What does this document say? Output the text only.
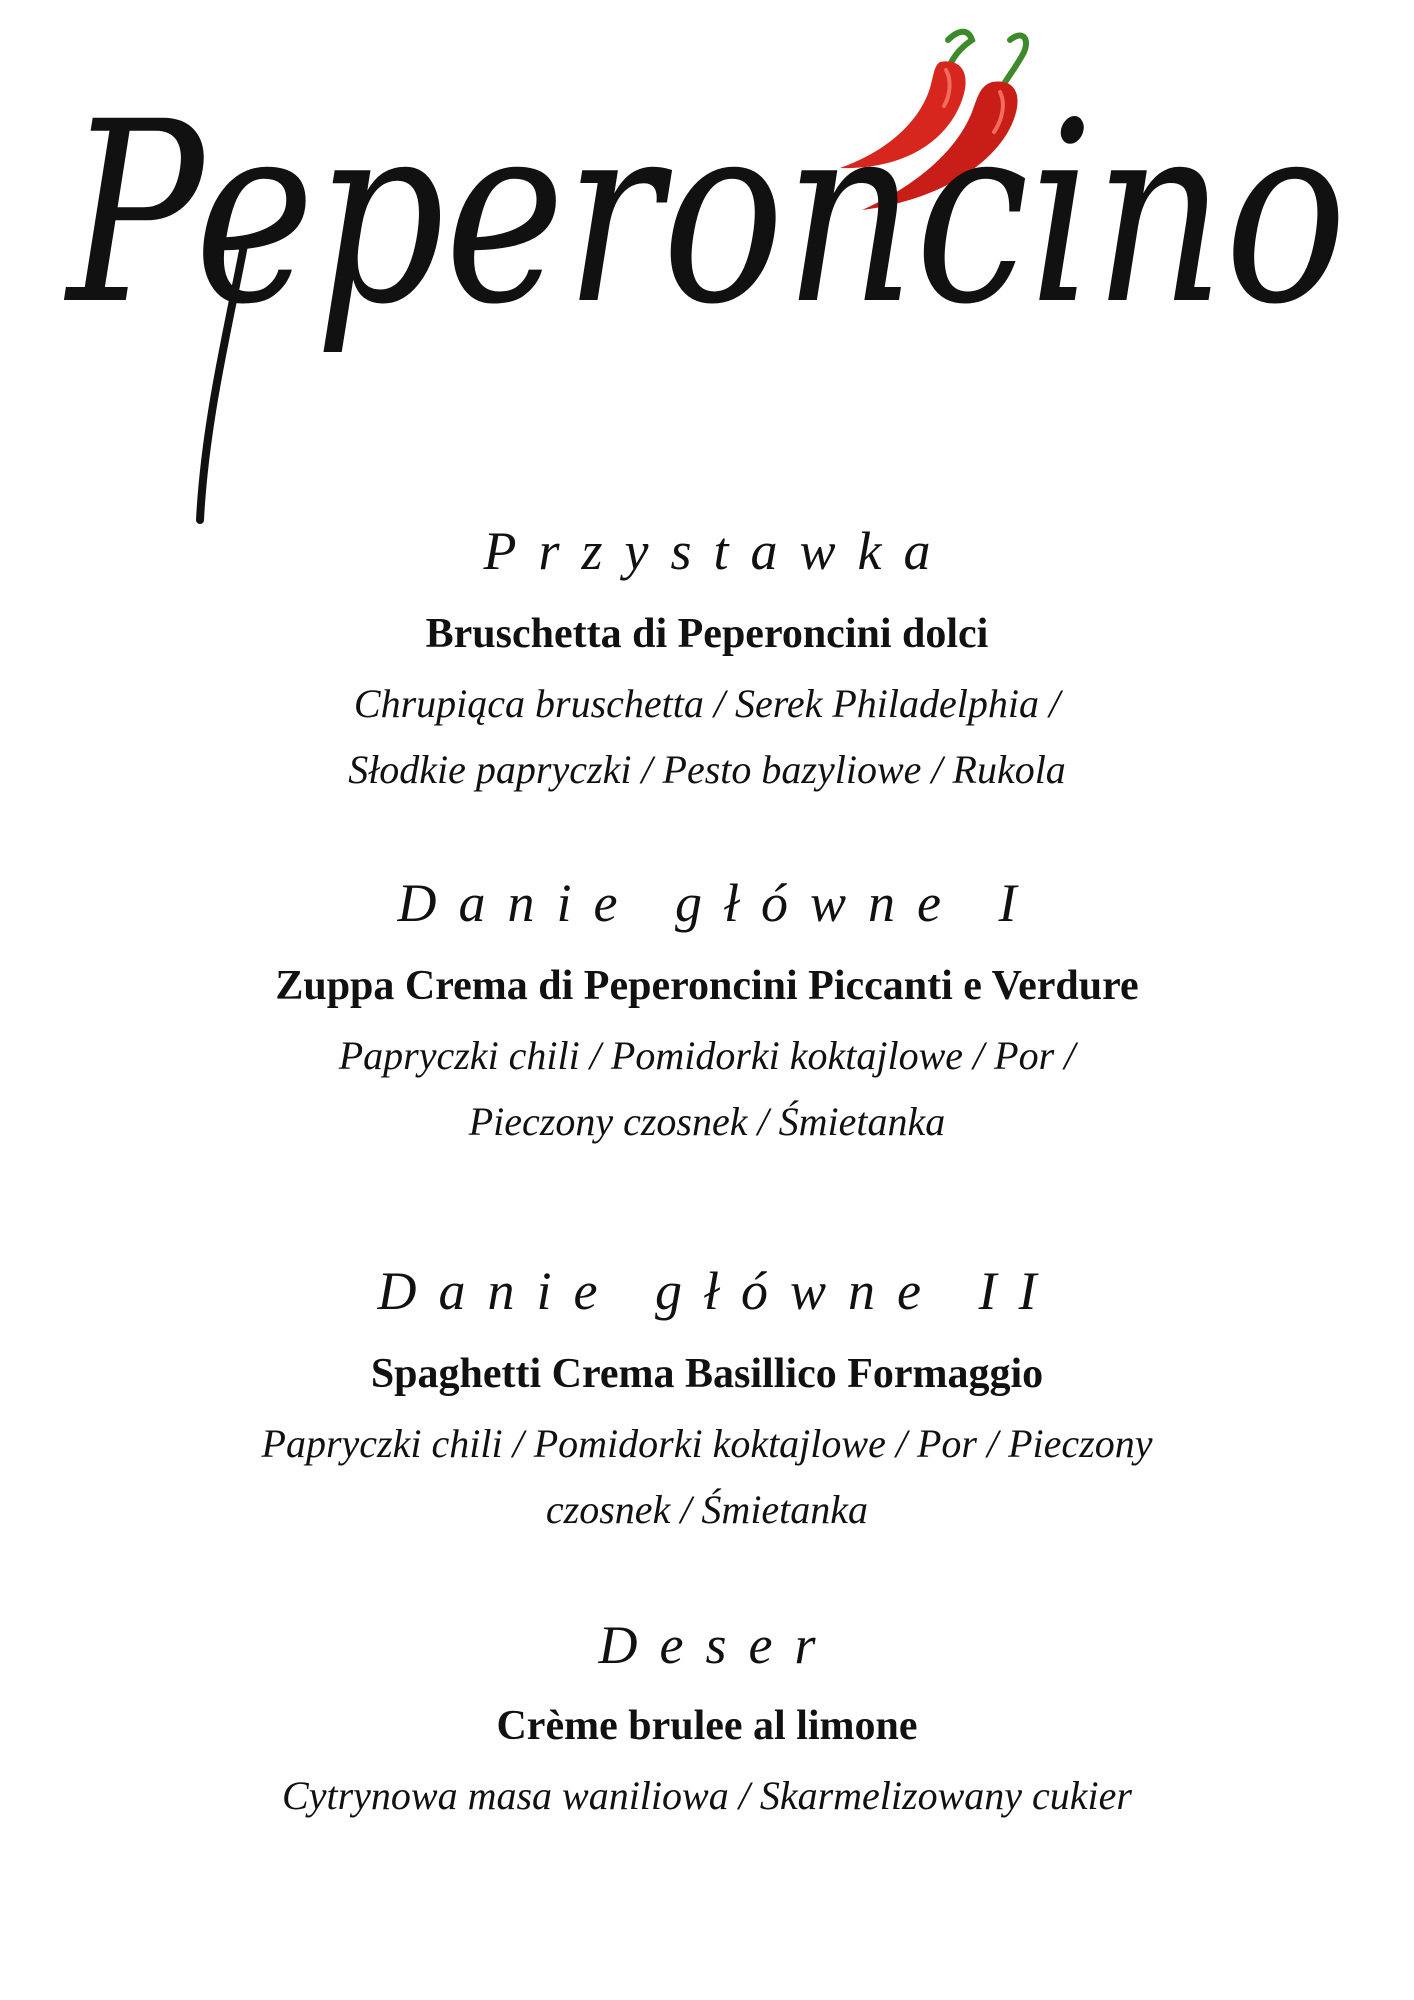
Peperoncino
Przystawka

Bruschetta di Peperoncini dolci

Chrupiąca bruschetta / Serek Philadelphia /

Słodkie papryczki / Pesto bazyliowe / Rukola

Danie główne I

Zuppa Crema di Peperoncini Piccanti e Verdure

Papryczki chili / Pomidorki koktajlowe / Por /

Pieczony czosnek / Śmietanka

Danie główne II

Spaghetti Crema Basillico Formaggio

Papryczki chili / Pomidorki koktajlowe / Por / Pieczony

czosnek / Śmietanka

Deser

Crème brulee al limone

Cytrynowa masa waniliowa / Skarmelizowany cukier
